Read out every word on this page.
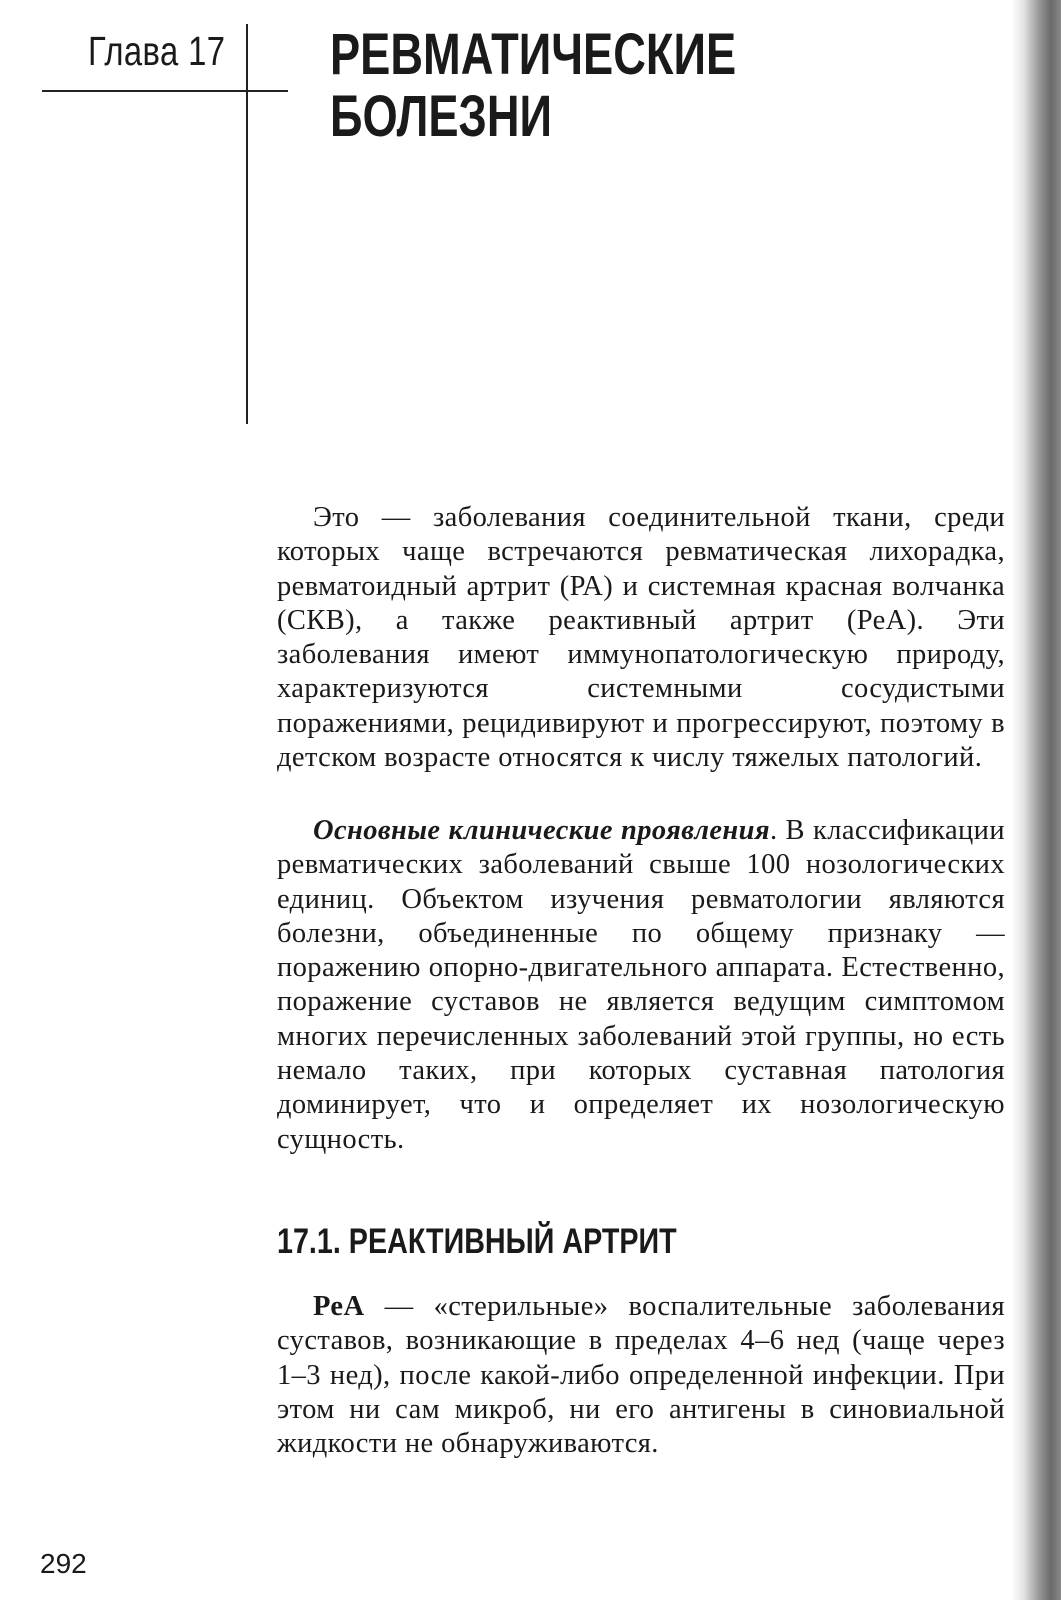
Глава 17 РЕВМАТИЧЕСКИЕ
БОЛЕЗНИ

Это — заболевания соединительной ткани, среди которых чаще встречаются ревматическая лихорадка, ревматоидный артрит (РА) и системная красная волчанка (СКВ), а также реактивный артрит (РеА). Эти заболевания имеют иммунопатологическую природу, характеризуются системными сосудистыми поражениями, рецидивируют и прогрессируют, поэтому в детском возрасте относятся к числу тяжелых патологий.

Основные клинические проявления. В классификации ревматических заболеваний свыше 100 нозологических единиц. Объектом изучения ревматологии являются болезни, объединенные по общему признаку — поражению опорно-двигательного аппарата. Естественно, поражение суставов не является ведущим симптомом многих перечисленных заболеваний этой группы, но есть немало таких, при которых суставная патология доминирует, что и определяет их нозологическую сущность.

17.1. РЕАКТИВНЫЙ АРТРИТ

РеА — «стерильные» воспалительные заболевания суставов, возникающие в пределах 4–6 нед (чаще через 1–3 нед), после какой-либо определенной инфекции. При этом ни сам микроб, ни его антигены в синовиальной жидкости не обнаруживаются.

292
